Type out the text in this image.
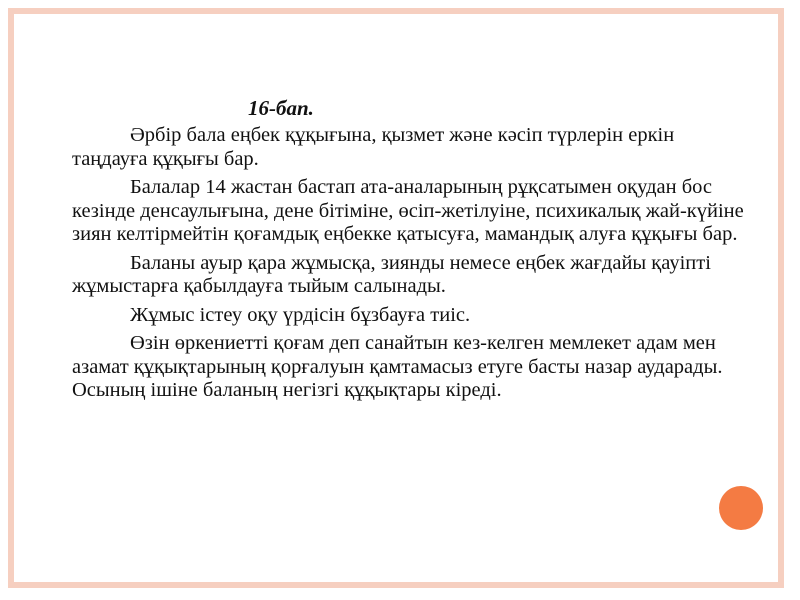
16-бап.

Әрбір бала еңбек құқығына, қызмет және кәсіп түрлерін еркін таңдауға құқығы бар.

Балалар 14 жастан бастап ата-аналарының рұқсатымен оқудан бос кезінде денсаулығына, дене бітіміне, өсіп-жетілуіне, психикалық жай-күйіне зиян келтірмейтін қоғамдық еңбекке қатысуға, мамандық алуға құқығы бар.

Баланы ауыр қара жұмысқа, зиянды немесе еңбек жағдайы қауіпті жұмыстарға қабылдауға тыйым салынады.

Жұмыс істеу оқу үрдісін бұзбауға тиіс.

Өзін өркениетті қоғам деп санайтын кез-келген мемлекет адам мен азамат құқықтарының қорғалуын қамтамасыз етуге басты назар аударады. Осының ішіне баланың негізгі құқықтары кіреді.
